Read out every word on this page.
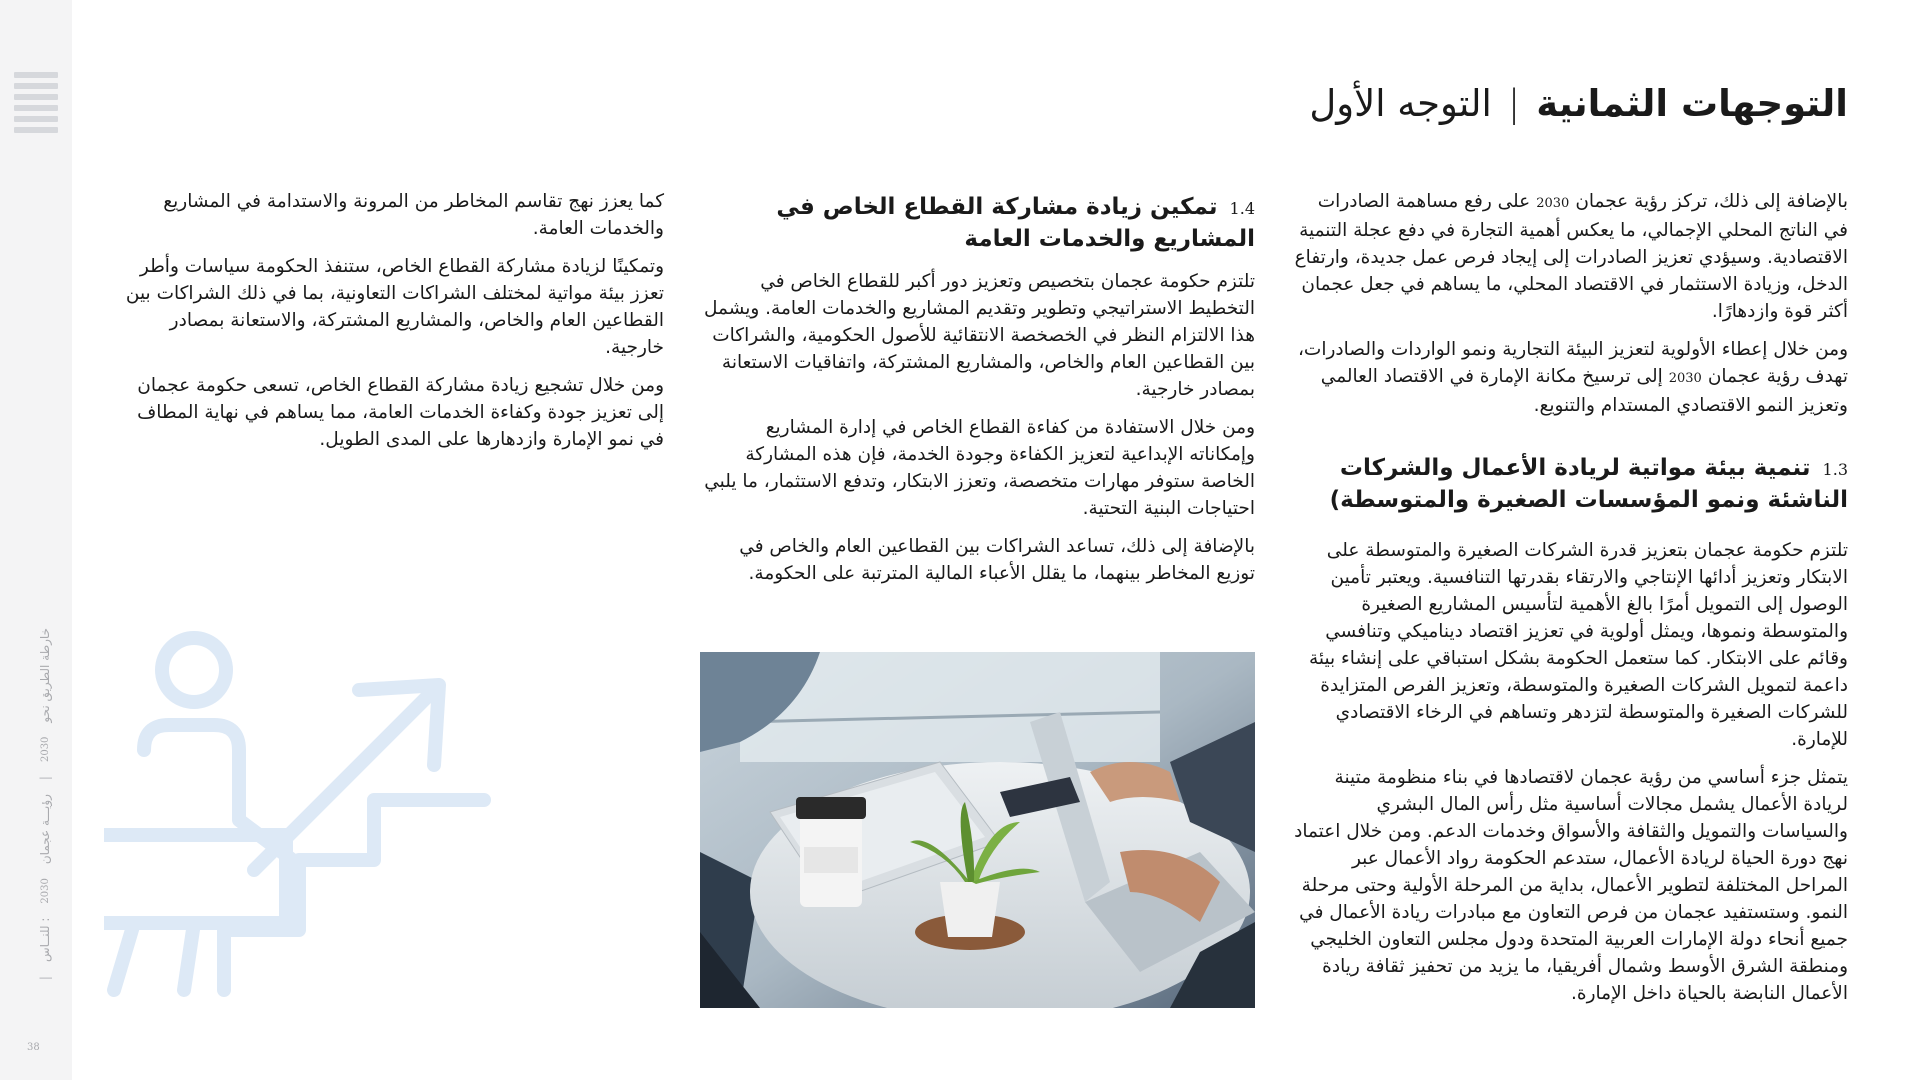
خارطة الطريق نحو
2030
|
رؤيـــة عجمان
2030
: للنــاس
|
38
التوجهات الثمانية|التوجه الأول

بالإضافة إلى ذلك، تركز رؤية عجمان2030على رفع مساهمة الصادرات في الناتج المحلي الإجمالي، ما يعكس أهمية التجارة في دفع عجلة التنمية الاقتصادية. وسيؤدي تعزيز الصادرات إلى إيجاد فرص عمل جديدة، وارتفاع الدخل، وزيادة الاستثمار في الاقتصاد المحلي، ما يساهم في جعل عجمان أكثر قوة وازدهارًا.

ومن خلال إعطاء الأولوية لتعزيز البيئة التجارية ونمو الواردات والصادرات، تهدف رؤية عجمان2030إلى ترسيخ مكانة الإمارة في الاقتصاد العالمي وتعزيز النمو الاقتصادي المستدام والتنويع.

1.3تنمية بيئة مواتية لريادة الأعمال والشركات الناشئة ونمو المؤسسات الصغيرة والمتوسطة)

تلتزم حكومة عجمان بتعزيز قدرة الشركات الصغيرة والمتوسطة على الابتكار وتعزيز أدائها الإنتاجي والارتقاء بقدرتها التنافسية. ويعتبر تأمين الوصول إلى التمويل أمرًا بالغ الأهمية لتأسيس المشاريع الصغيرة والمتوسطة ونموها، ويمثل أولوية في تعزيز اقتصاد ديناميكي وتنافسي وقائم على الابتكار. كما ستعمل الحكومة بشكل استباقي على إنشاء بيئة داعمة لتمويل الشركات الصغيرة والمتوسطة، وتعزيز الفرص المتزايدة للشركات الصغيرة والمتوسطة لتزدهر وتساهم في الرخاء الاقتصادي للإمارة.

يتمثل جزء أساسي من رؤية عجمان لاقتصادها في بناء منظومة متينة لريادة الأعمال يشمل مجالات أساسية مثل رأس المال البشري والسياسات والتمويل والثقافة والأسواق وخدمات الدعم. ومن خلال اعتماد نهج دورة الحياة لريادة الأعمال، ستدعم الحكومة رواد الأعمال عبر المراحل المختلفة لتطوير الأعمال، بداية من المرحلة الأولية وحتى مرحلة النمو. وستستفيد عجمان من فرص التعاون مع مبادرات ريادة الأعمال في جميع أنحاء دولة الإمارات العربية المتحدة ودول مجلس التعاون الخليجي ومنطقة الشرق الأوسط وشمال أفريقيا، ما يزيد من تحفيز ثقافة ريادة الأعمال النابضة بالحياة داخل الإمارة.

1.4تمكين زيادة مشاركة القطاع الخاص في المشاريع والخدمات العامة

تلتزم حكومة عجمان بتخصيص وتعزيز دور أكبر للقطاع الخاص في التخطيط الاستراتيجي وتطوير وتقديم المشاريع والخدمات العامة. ويشمل هذا الالتزام النظر في الخصخصة الانتقائية للأصول الحكومية، والشراكات بين القطاعين العام والخاص، والمشاريع المشتركة، واتفاقيات الاستعانة بمصادر خارجية.

ومن خلال الاستفادة من كفاءة القطاع الخاص في إدارة المشاريع وإمكاناته الإبداعية لتعزيز الكفاءة وجودة الخدمة، فإن هذه المشاركة الخاصة ستوفر مهارات متخصصة، وتعزز الابتكار، وتدفع الاستثمار، ما يلبي احتياجات البنية التحتية.

بالإضافة إلى ذلك، تساعد الشراكات بين القطاعين العام والخاص في توزيع المخاطر بينهما، ما يقلل الأعباء المالية المترتبة على الحكومة.

كما يعزز نهج تقاسم المخاطر من المرونة والاستدامة في المشاريع والخدمات العامة.

وتمكينًا لزيادة مشاركة القطاع الخاص، ستنفذ الحكومة سياسات وأطر تعزز بيئة مواتية لمختلف الشراكات التعاونية، بما في ذلك الشراكات بين القطاعين العام والخاص، والمشاريع المشتركة، والاستعانة بمصادر خارجية.

ومن خلال تشجيع زيادة مشاركة القطاع الخاص، تسعى حكومة عجمان إلى تعزيز جودة وكفاءة الخدمات العامة، مما يساهم في نهاية المطاف في نمو الإمارة وازدهارها على المدى الطويل.
